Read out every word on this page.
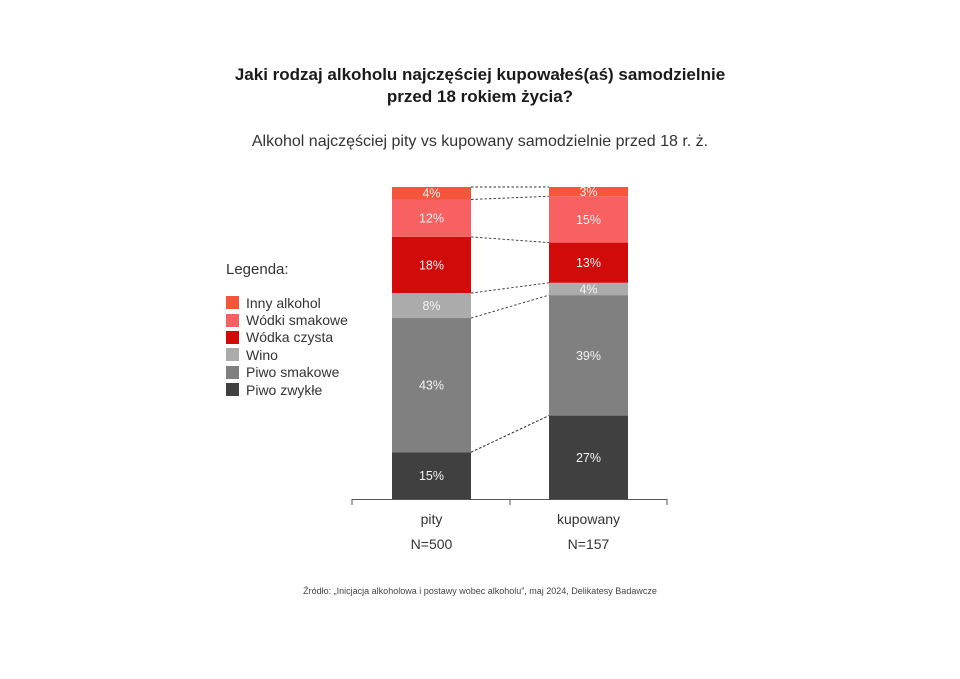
Jaki rodzaj alkoholu najczęściej kupowałeś(aś) samodzielnie
przed 18 rokiem życia?
Alkohol najczęściej pity vs kupowany samodzielnie przed 18 r. ż.
Legenda:
Inny alkohol
Wódki smakowe
Wódka czysta
Wino
Piwo smakowe
Piwo zwykłe
15%
43%
8%
18%
12%
4%
27%
39%
4%
13%
15%
3%
pity
N=500
kupowany
N=157
Źródło: „Inicjacja alkoholowa i postawy wobec alkoholu”, maj 2024, Delikatesy Badawcze
